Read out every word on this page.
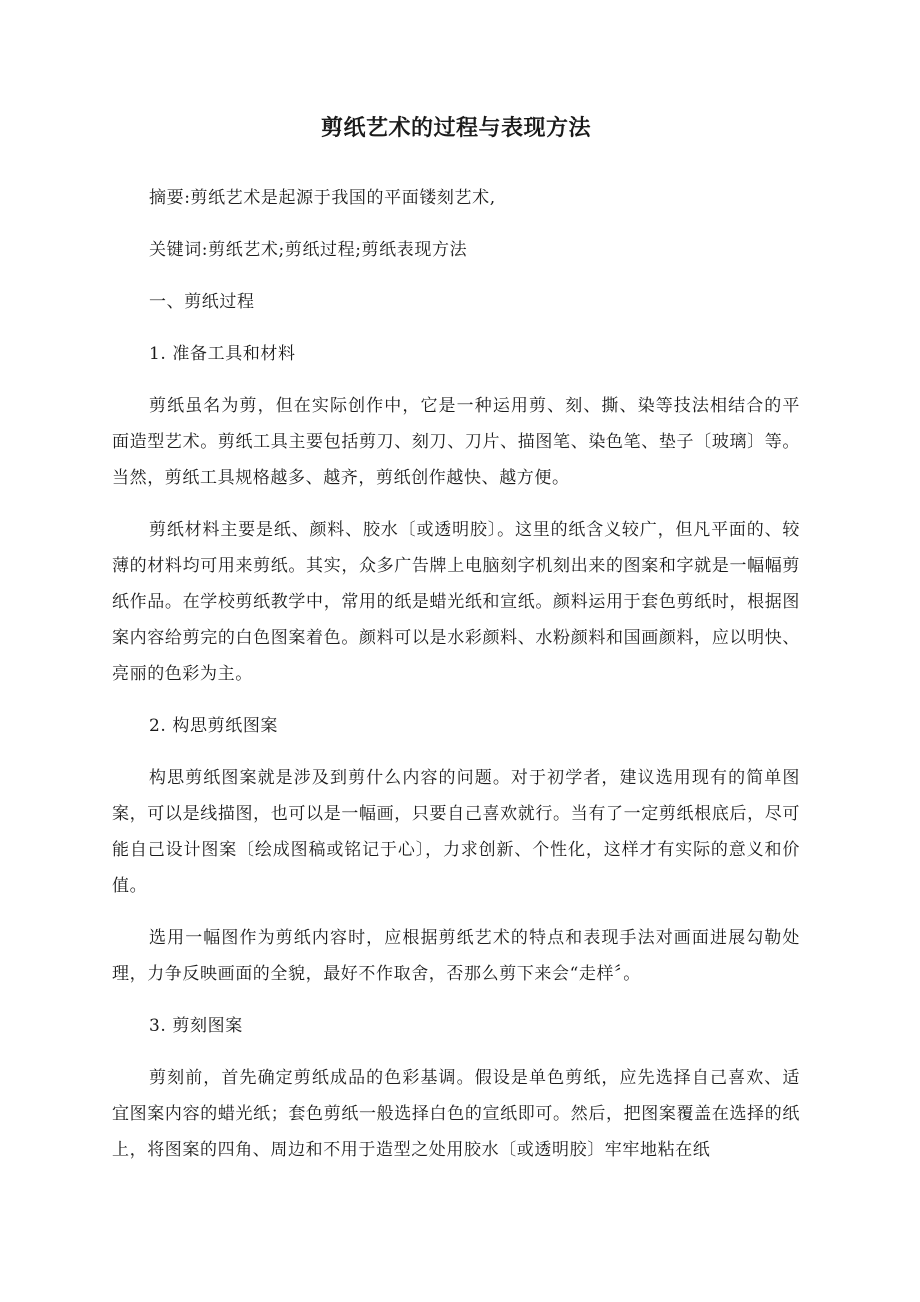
剪纸艺术的过程与表现方法
摘要:剪纸艺术是起源于我国的平面镂刻艺术,
关键词:剪纸艺术;剪纸过程;剪纸表现方法
一、剪纸过程
1. 准备工具和材料
剪纸虽名为剪，但在实际创作中，它是一种运用剪、刻、撕、染等技法相结合的平面造型艺术。剪纸工具主要包括剪刀、刻刀、刀片、描图笔、染色笔、垫子〔玻璃〕等。当然，剪纸工具规格越多、越齐，剪纸创作越快、越方便。
剪纸材料主要是纸、颜料、胶水〔或透明胶〕。这里的纸含义较广，但凡平面的、较薄的材料均可用来剪纸。其实，众多广告牌上电脑刻字机刻出来的图案和字就是一幅幅剪纸作品。在学校剪纸教学中，常用的纸是蜡光纸和宣纸。颜料运用于套色剪纸时，根据图案内容给剪完的白色图案着色。颜料可以是水彩颜料、水粉颜料和国画颜料，应以明快、亮丽的色彩为主。
2. 构思剪纸图案
构思剪纸图案就是涉及到剪什么内容的问题。对于初学者，建议选用现有的简单图案，可以是线描图，也可以是一幅画，只要自己喜欢就行。当有了一定剪纸根底后，尽可能自己设计图案〔绘成图稿或铭记于心〕，力求创新、个性化，这样才有实际的意义和价值。
选用一幅图作为剪纸内容时，应根据剪纸艺术的特点和表现手法对画面进展勾勒处理，力争反映画面的全貌，最好不作取舍，否那么剪下来会“走样〞。
3. 剪刻图案
剪刻前，首先确定剪纸成品的色彩基调。假设是单色剪纸，应先选择自己喜欢、适宜图案内容的蜡光纸；套色剪纸一般选择白色的宣纸即可。然后，把图案覆盖在选择的纸上，将图案的四角、周边和不用于造型之处用胶水〔或透明胶〕牢牢地粘在纸
